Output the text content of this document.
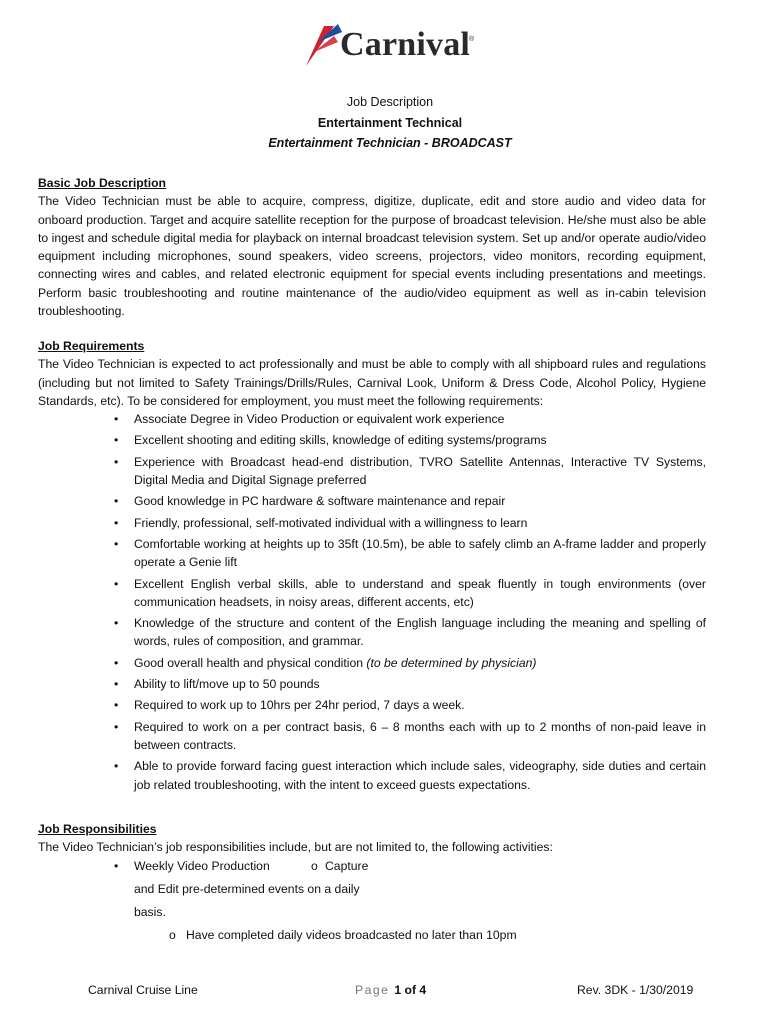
Carnival
®
Job Description
Entertainment Technical
Entertainment Technician - BROADCAST
Basic Job Description
The Video Technician must be able to acquire, compress, digitize, duplicate, edit and store audio and video data for onboard production. Target and acquire satellite reception for the purpose of broadcast television. He/she must also be able to ingest and schedule digital media for playback on internal broadcast television system. Set up and/or operate audio/video equipment including microphones, sound speakers, video screens, projectors, video monitors, recording equipment, connecting wires and cables, and related electronic equipment for special events including presentations and meetings. Perform basic troubleshooting and routine maintenance of the audio/video equipment as well as in-cabin television troubleshooting.
Job Requirements
The Video Technician is expected to act professionally and must be able to comply with all shipboard rules and regulations (including but not limited to Safety Trainings/Drills/Rules, Carnival Look, Uniform & Dress Code, Alcohol Policy, Hygiene Standards, etc). To be considered for employment, you must meet the following requirements:
• Associate Degree in Video Production or equivalent work experience
• Excellent shooting and editing skills, knowledge of editing systems/programs
• Experience with Broadcast head-end distribution, TVRO Satellite Antennas, Interactive TV Systems, Digital Media and Digital Signage preferred
• Good knowledge in PC hardware & software maintenance and repair
• Friendly, professional, self-motivated individual with a willingness to learn
• Comfortable working at heights up to 35ft (10.5m), be able to safely climb an A-frame ladder and properly operate a Genie lift
• Excellent English verbal skills, able to understand and speak fluently in tough environments (over communication headsets, in noisy areas, different accents, etc)
• Knowledge of the structure and content of the English language including the meaning and spelling of words, rules of composition, and grammar.
• Good overall health and physical condition (to be determined by physician)
• Ability to lift/move up to 50 pounds
• Required to work up to 10hrs per 24hr period, 7 days a week.
• Required to work on a per contract basis, 6 – 8 months each with up to 2 months of non-paid leave in between contracts.
• Able to provide forward facing guest interaction which include sales, videography, side duties and certain job related troubleshooting, with the intent to exceed guests expectations.
Job Responsibilities
The Video Technician’s job responsibilities include, but are not limited to, the following activities:
• Weekly Video Production	o Capture
and Edit pre-determined events on a daily
basis.
o Have completed daily videos broadcasted no later than 10pm
Carnival Cruise Line	Page 1 of 4	Rev. 3DK - 1/30/2019
